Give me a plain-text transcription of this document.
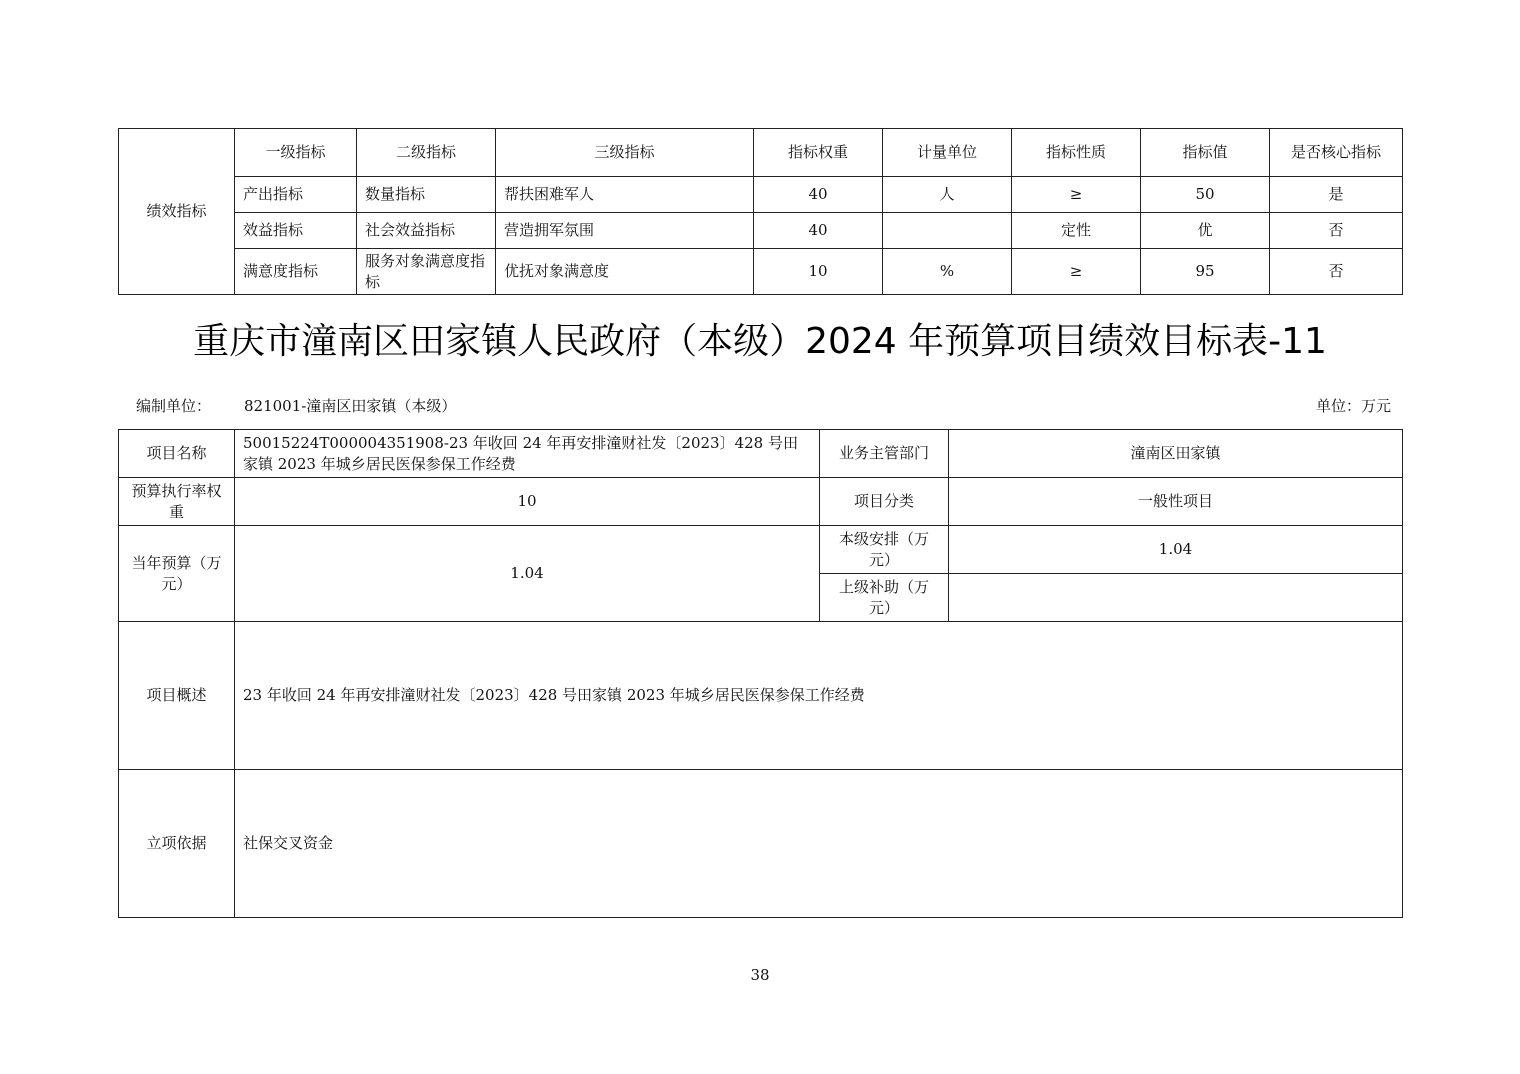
绩效指标	一级指标	二级指标	三级指标	指标权重	计量单位	指标性质	指标值	是否核心指标
	产出指标	数量指标	帮扶困难军人	40	人	≥	50	是
	效益指标	社会效益指标	营造拥军氛围	40		定性	优	否
	满意度指标	服务对象满意度指标	优抚对象满意度	10	%	≥	95	否
重庆市潼南区田家镇人民政府（本级）2024 年预算项目绩效目标表-11
编制单位： 821001-潼南区田家镇（本级）	单位：万元
项目名称	50015224T000004351908-23 年收回 24 年再安排潼财社发〔2023〕428 号田家镇 2023 年城乡居民医保参保工作经费	业务主管部门	潼南区田家镇
预算执行率权重	10	项目分类	一般性项目
当年预算（万元）	1.04	本级安排（万元）	1.04
		上级补助（万元）	
项目概述	23 年收回 24 年再安排潼财社发〔2023〕428 号田家镇 2023 年城乡居民医保参保工作经费		
立项依据	社保交叉资金		
38
